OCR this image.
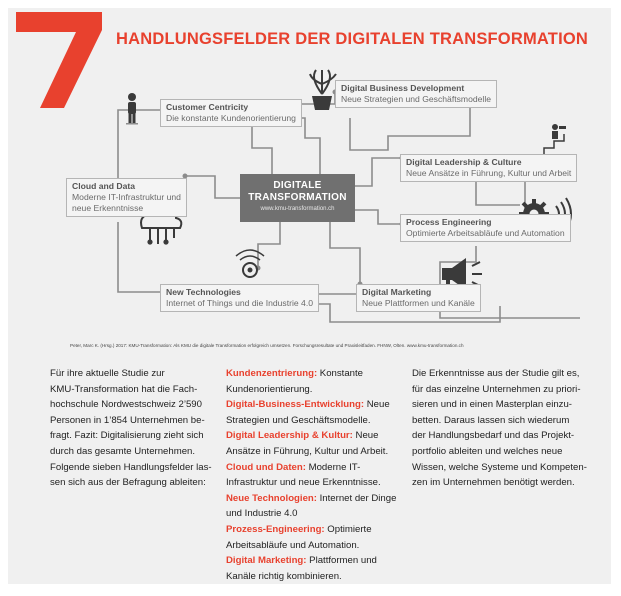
HANDLUNGSFELDER DER DIGITALEN TRANSFORMATION
Digital Business Development
Neue Strategien und Geschäftsmodelle
Customer Centricity
Die konstante Kundenorientierung
Digital Leadership & Culture
Neue Ansätze in Führung, Kultur und Arbeit
Cloud and Data
Moderne IT-Infrastruktur und
neue Erkenntnisse
Process Engineering
Optimierte Arbeitsabläufe und Automation
New Technologies
Internet of Things und die Industrie 4.0
Digital Marketing
Neue Plattformen und Kanäle
DIGITALE
TRANSFORMATION
www.kmu-transformation.ch
Peter, Marc K. (Hrsg.) 2017: KMU-Transformation: Als KMU die digitale Transformation erfolgreich umsetzen. Forschungsresultate und Praxisleitfaden. FHNW, Olten. www.kmu-transformation.ch

Für ihre aktuelle Studie zur

KMU-Transformation hat die Fach-

hochschule Nordwestschweiz 2’590

Personen in 1’854 Unternehmen be-

fragt. Fazit: Digitalisierung zieht sich

durch das gesamte Unternehmen.

Folgende sieben Handlungsfelder las-

sen sich aus der Befragung ableiten:

Kundenzentrierung: Konstante

Kundenorientierung.

Digital-Business-Entwicklung: Neue

Strategien und Geschäftsmodelle.

Digital Leadership & Kultur: Neue

Ansätze in Führung, Kultur und Arbeit.

Cloud und Daten: Moderne IT-

Infrastruktur und neue Erkenntnisse.

Neue Technologien: Internet der Dinge

und Industrie 4.0

Prozess-Engineering: Optimierte

Arbeitsabläufe und Automation.

Digital Marketing: Plattformen und

Kanäle richtig kombinieren.

Die Erkenntnisse aus der Studie gilt es,

für das einzelne Unternehmen zu priori-

sieren und in einen Masterplan einzu-

betten. Daraus lassen sich wiederum

der Handlungsbedarf und das Projekt-

portfolio ableiten und welches neue

Wissen, welche Systeme und Kompeten-

zen im Unternehmen benötigt werden.
